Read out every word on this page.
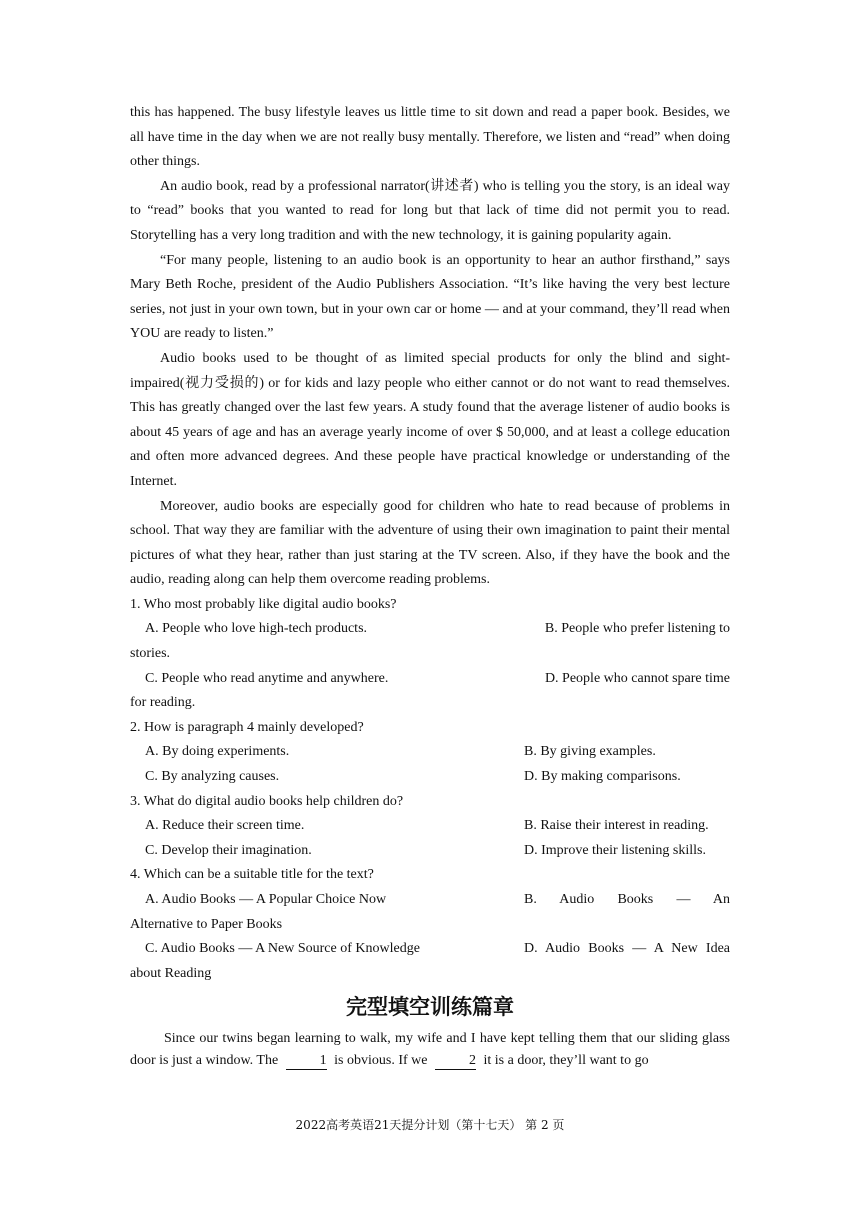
this has happened. The busy lifestyle leaves us little time to sit down and read a paper book. Besides, we all have time in the day when we are not really busy mentally. Therefore, we listen and “read” when doing other things.

An audio book, read by a professional narrator(讲述者) who is telling you the story, is an ideal way to “read” books that you wanted to read for long but that lack of time did not permit you to read. Storytelling has a very long tradition and with the new technology, it is gaining popularity again.

“For many people, listening to an audio book is an opportunity to hear an author firsthand,” says Mary Beth Roche, president of the Audio Publishers Association. “It’s like having the very best lecture series, not just in your own town, but in your own car or home — and at your command, they’ll read when YOU are ready to listen.”

Audio books used to be thought of as limited special products for only the blind and sight-impaired(视力受损的) or for kids and lazy people who either cannot or do not want to read themselves. This has greatly changed over the last few years. A study found that the average listener of audio books is about 45 years of age and has an average yearly income of over $ 50,000, and at least a college education and often more advanced degrees. And these people have practical knowledge or understanding of the Internet.

Moreover, audio books are especially good for children who hate to read because of problems in school. That way they are familiar with the adventure of using their own imagination to paint their mental pictures of what they hear, rather than just staring at the TV screen. Also, if they have the book and the audio, reading along can help them overcome reading problems.

1. Who most probably like digital audio books?

A. People who love high-tech products.	B. People who prefer listening to

stories.

C. People who read anytime and anywhere.	D. People who cannot spare time

for reading.

2. How is paragraph 4 mainly developed?

A. By doing experiments.	B. By giving examples.
C. By analyzing causes.	D. By making comparisons.

3. What do digital audio books help children do?

A. Reduce their screen time.	B. Raise their interest in reading.
C. Develop their imagination.	D. Improve their listening skills.

4. Which can be a suitable title for the text?

A. Audio Books — A Popular Choice Now	B. Audio Books — An

Alternative to Paper Books

C. Audio Books — A New Source of Knowledge	D. Audio Books — A New Idea

about Reading

完型填空训练篇章

Since our twins began learning to walk, my wife and I have kept telling them that our sliding glass door is just a window. The	1 is obvious. If we	2 it is a door, they’ll want to go

2022高考英语21天提分计划（第十七天） 第 2 页
